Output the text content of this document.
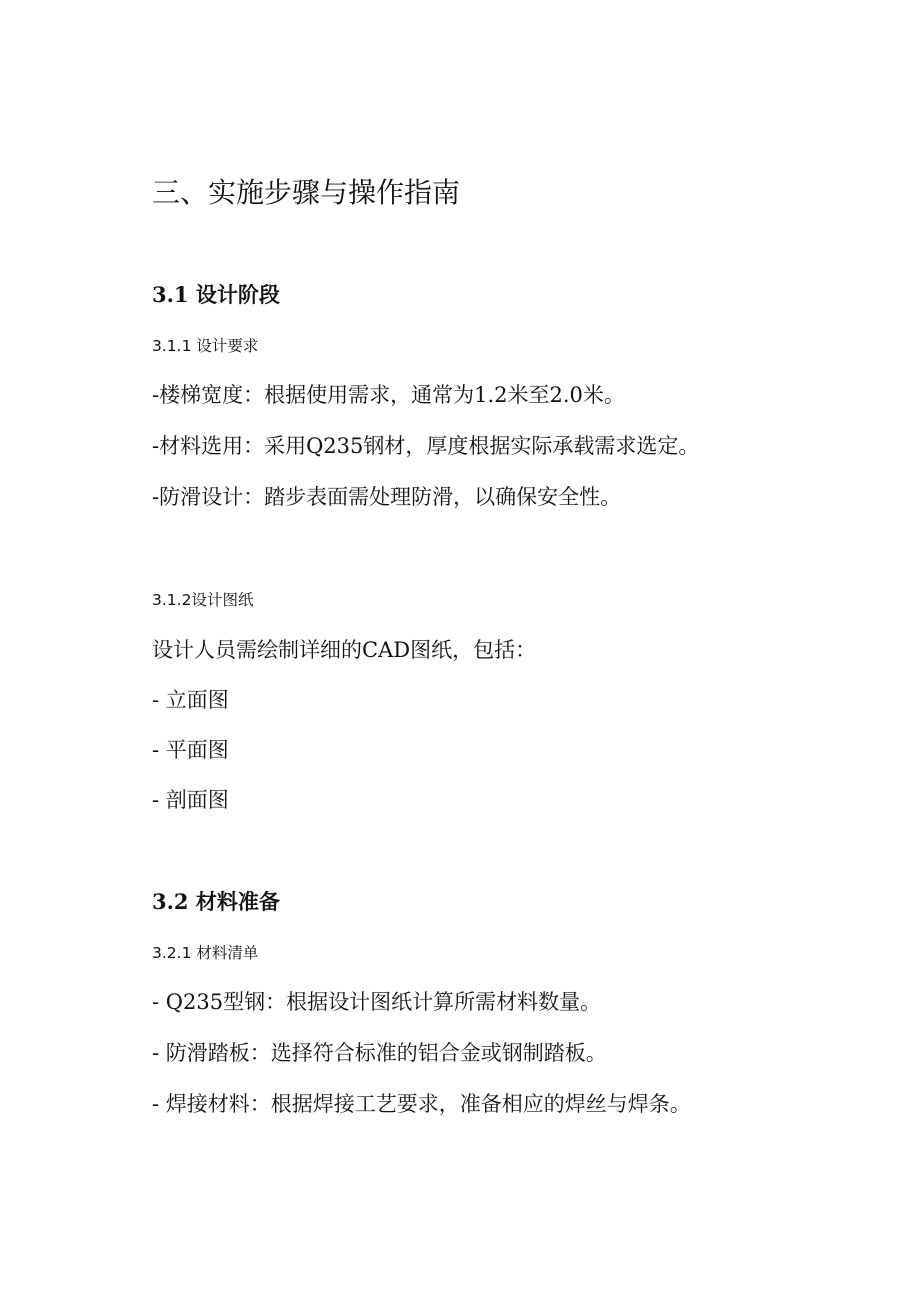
三、实施步骤与操作指南
3.1 设计阶段
3.1.1 设计要求
-楼梯宽度：根据使用需求，通常为1.2米至2.0米。
-材料选用：采用Q235钢材，厚度根据实际承载需求选定。
-防滑设计：踏步表面需处理防滑，以确保安全性。
3.1.2设计图纸
设计人员需绘制详细的CAD图纸，包括：
- 立面图
- 平面图
- 剖面图
3.2 材料准备
3.2.1 材料清单
- Q235型钢：根据设计图纸计算所需材料数量。
- 防滑踏板：选择符合标准的铝合金或钢制踏板。
- 焊接材料：根据焊接工艺要求，准备相应的焊丝与焊条。
